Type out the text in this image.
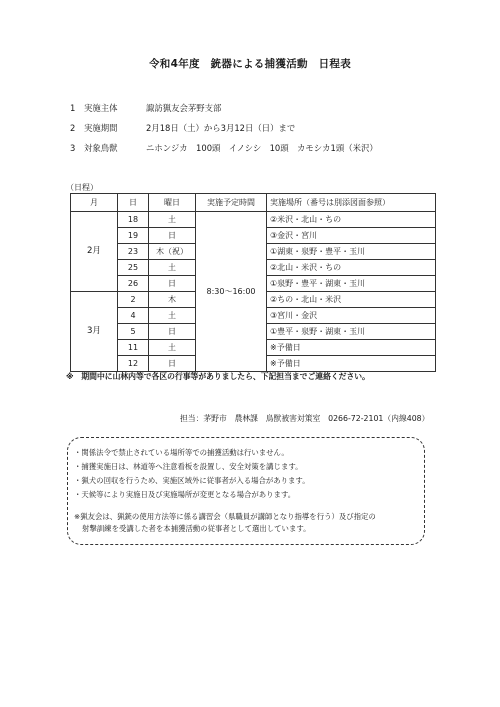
令和4年度　銃器による捕獲活動　日程表
1	実施主体	諏訪猟友会茅野支部
2	実施期間	2月18日（土）から3月12日（日）まで
3	対象鳥獣	ニホンジカ　100頭　イノシシ　10頭　カモシカ1頭（米沢）
（日程）
月	日	曜日	実施予定時間	実施場所（番号は別添図面参照）
2月	18	土	8:30～16:00	②米沢・北山・ちの
	19	日		③金沢・宮川
	23	木（祝）		①湖東・泉野・豊平・玉川
	25	土		②北山・米沢・ちの
	26	日		①泉野・豊平・湖東・玉川
3月	2	木		②ちの・北山・米沢
	4	土		③宮川・金沢
	5	日		①豊平・泉野・湖東・玉川
	11	土		※予備日
	12	日		※予備日
※　期間中に山林内等で各区の行事等がありましたら、下記担当までご連絡ください。
担当：茅野市　農林課　鳥獣被害対策室　0266-72-2101（内線408）
・関係法令で禁止されている場所等での捕獲活動は行いません。
・捕獲実施日は、林道等へ注意看板を設置し、安全対策を講じます。
・猟犬の回収を行うため、実施区域外に従事者が入る場合があります。
・天候等により実施日及び実施場所が変更となる場合があります。
※猟友会は、猟銃の使用方法等に係る講習会（県職員が講師となり指導を行う）及び指定の
射撃訓練を受講した者を本捕獲活動の従事者として選出しています。
